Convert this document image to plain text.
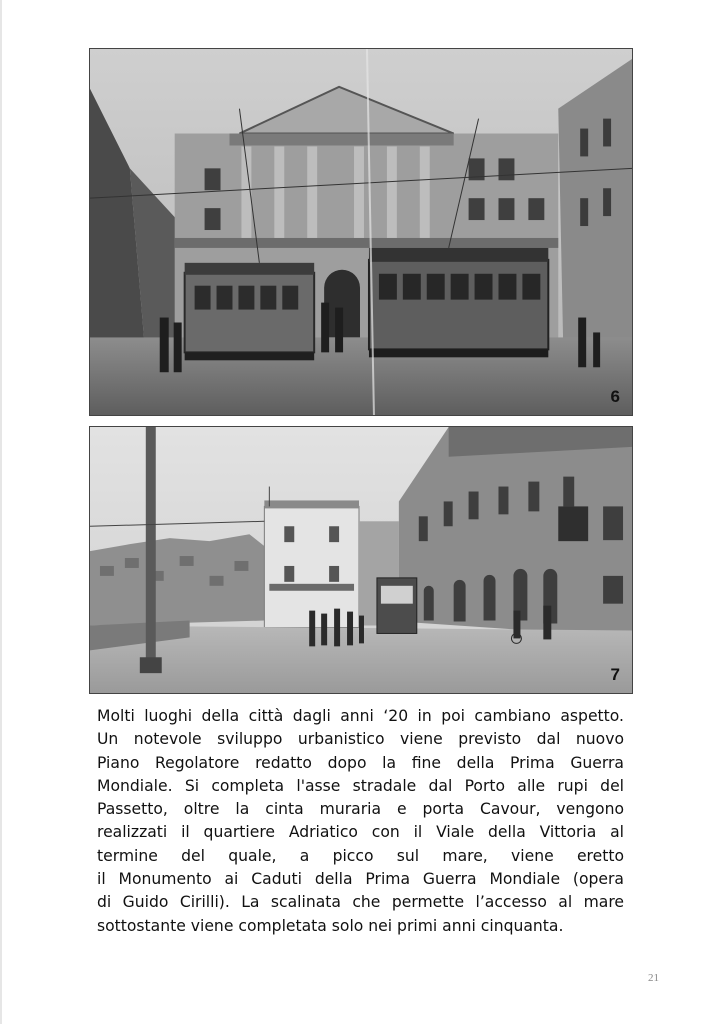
6
7

Molti luoghi della città dagli anni ‘20 in poi cambiano aspetto.
Un notevole sviluppo urbanistico viene previsto dal nuovo
Piano Regolatore redatto dopo la fine della Prima Guerra
Mondiale. Si completa l'asse stradale dal Porto alle rupi del
Passetto, oltre la cinta muraria e porta Cavour, vengono
realizzati il quartiere Adriatico con il Viale della Vittoria al
termine del quale, a picco sul mare, viene eretto
il Monumento ai Caduti della Prima Guerra Mondiale (opera
di Guido Cirilli). La scalinata che permette l’accesso al mare
sottostante viene completata solo nei primi anni cinquanta.

21
